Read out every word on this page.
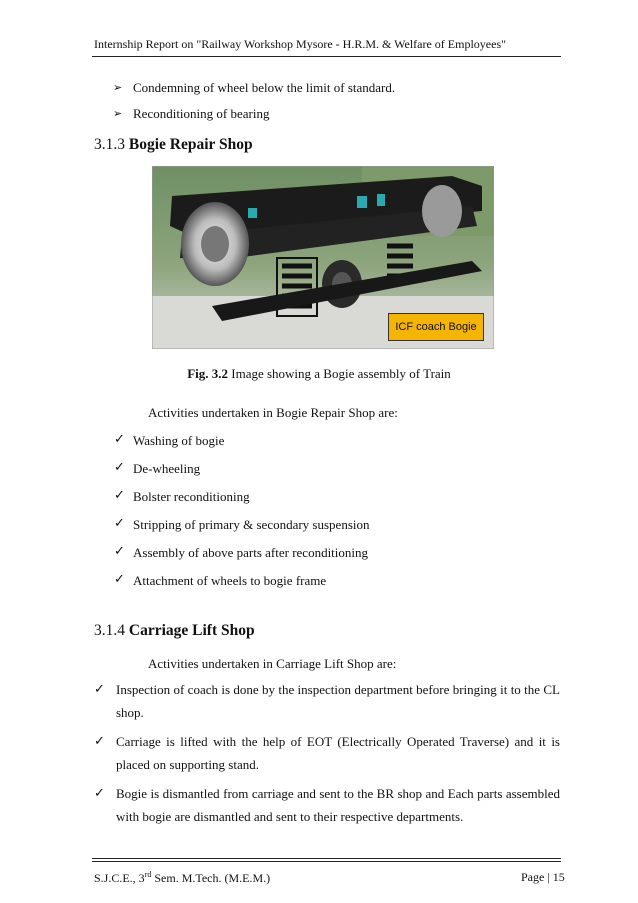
Internship Report on "Railway Workshop Mysore - H.R.M. & Welfare of Employees"
➢ Condemning of wheel below the limit of standard.
➢ Reconditioning of bearing
3.1.3 Bogie Repair Shop
ICF coach Bogie
Fig. 3.2 Image showing a Bogie assembly of Train
Activities undertaken in Bogie Repair Shop are:
✓ Washing of bogie
✓ De-wheeling
✓ Bolster reconditioning
✓ Stripping of primary & secondary suspension
✓ Assembly of above parts after reconditioning
✓ Attachment of wheels to bogie frame
3.1.4 Carriage Lift Shop
Activities undertaken in Carriage Lift Shop are:
✓ Inspection of coach is done by the inspection department before bringing it to the CL shop.
✓ Carriage is lifted with the help of EOT (Electrically Operated Traverse) and it is placed on supporting stand.
✓ Bogie is dismantled from carriage and sent to the BR shop and Each parts assembled with bogie are dismantled and sent to their respective departments.
S.J.C.E., 3rd Sem. M.Tech. (M.E.M.)	Page | 15
